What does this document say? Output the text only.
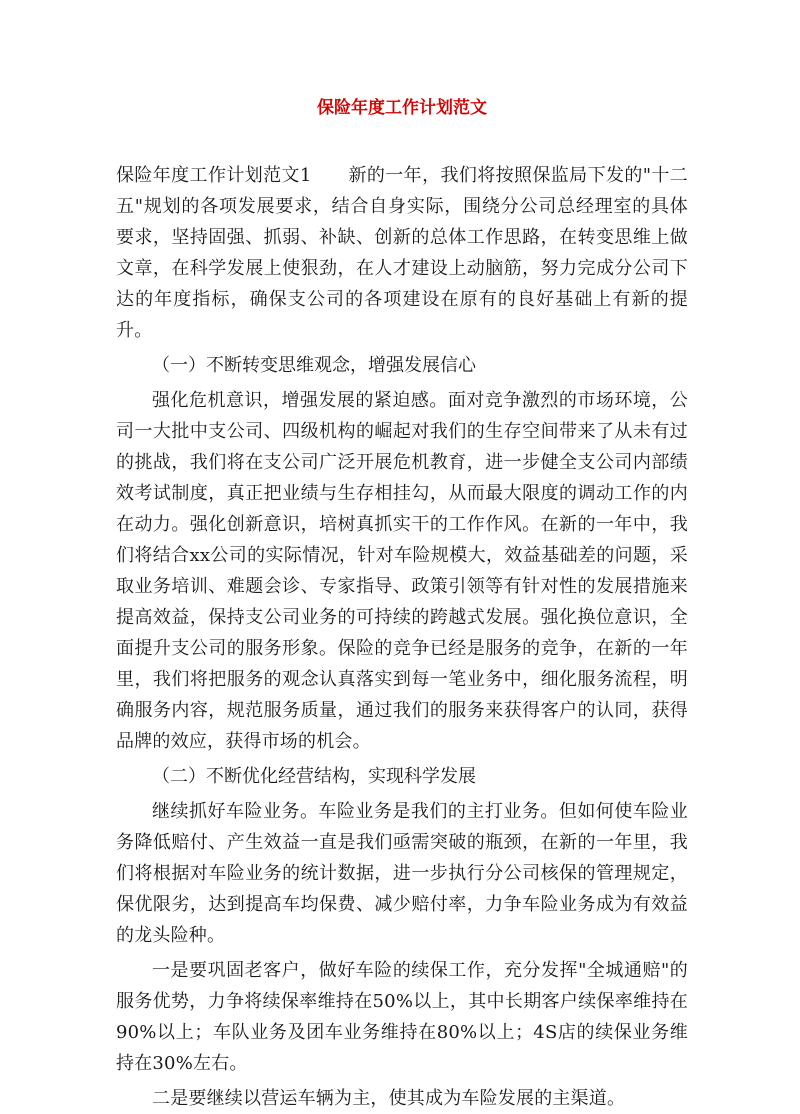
保险年度工作计划范文

保险年度工作计划范文1　　新的一年，我们将按照保监局下发的"十二五"规划的各项发展要求，结合自身实际，围绕分公司总经理室的具体要求，坚持固强、抓弱、补缺、创新的总体工作思路，在转变思维上做文章，在科学发展上使狠劲，在人才建设上动脑筋，努力完成分公司下达的年度指标，确保支公司的各项建设在原有的良好基础上有新的提升。

（一）不断转变思维观念，增强发展信心

强化危机意识，增强发展的紧迫感。面对竞争激烈的市场环境，公司一大批中支公司、四级机构的崛起对我们的生存空间带来了从未有过的挑战，我们将在支公司广泛开展危机教育，进一步健全支公司内部绩效考试制度，真正把业绩与生存相挂勾，从而最大限度的调动工作的内在动力。强化创新意识，培树真抓实干的工作作风。在新的一年中，我们将结合xx公司的实际情况，针对车险规模大，效益基础差的问题，采取业务培训、难题会诊、专家指导、政策引领等有针对性的发展措施来提高效益，保持支公司业务的可持续的跨越式发展。强化换位意识，全面提升支公司的服务形象。保险的竞争已经是服务的竞争，在新的一年里，我们将把服务的观念认真落实到每一笔业务中，细化服务流程，明确服务内容，规范服务质量，通过我们的服务来获得客户的认同，获得品牌的效应，获得市场的机会。

（二）不断优化经营结构，实现科学发展

继续抓好车险业务。车险业务是我们的主打业务。但如何使车险业务降低赔付、产生效益一直是我们亟需突破的瓶颈，在新的一年里，我们将根据对车险业务的统计数据，进一步执行分公司核保的管理规定，保优限劣，达到提高车均保费、减少赔付率，力争车险业务成为有效益的龙头险种。

一是要巩固老客户，做好车险的续保工作，充分发挥"全城通赔"的服务优势，力争将续保率维持在50%以上，其中长期客户续保率维持在90%以上；车队业务及团车业务维持在80%以上；4S店的续保业务维持在30%左右。

二是要继续以营运车辆为主，使其成为车险发展的主渠道。
